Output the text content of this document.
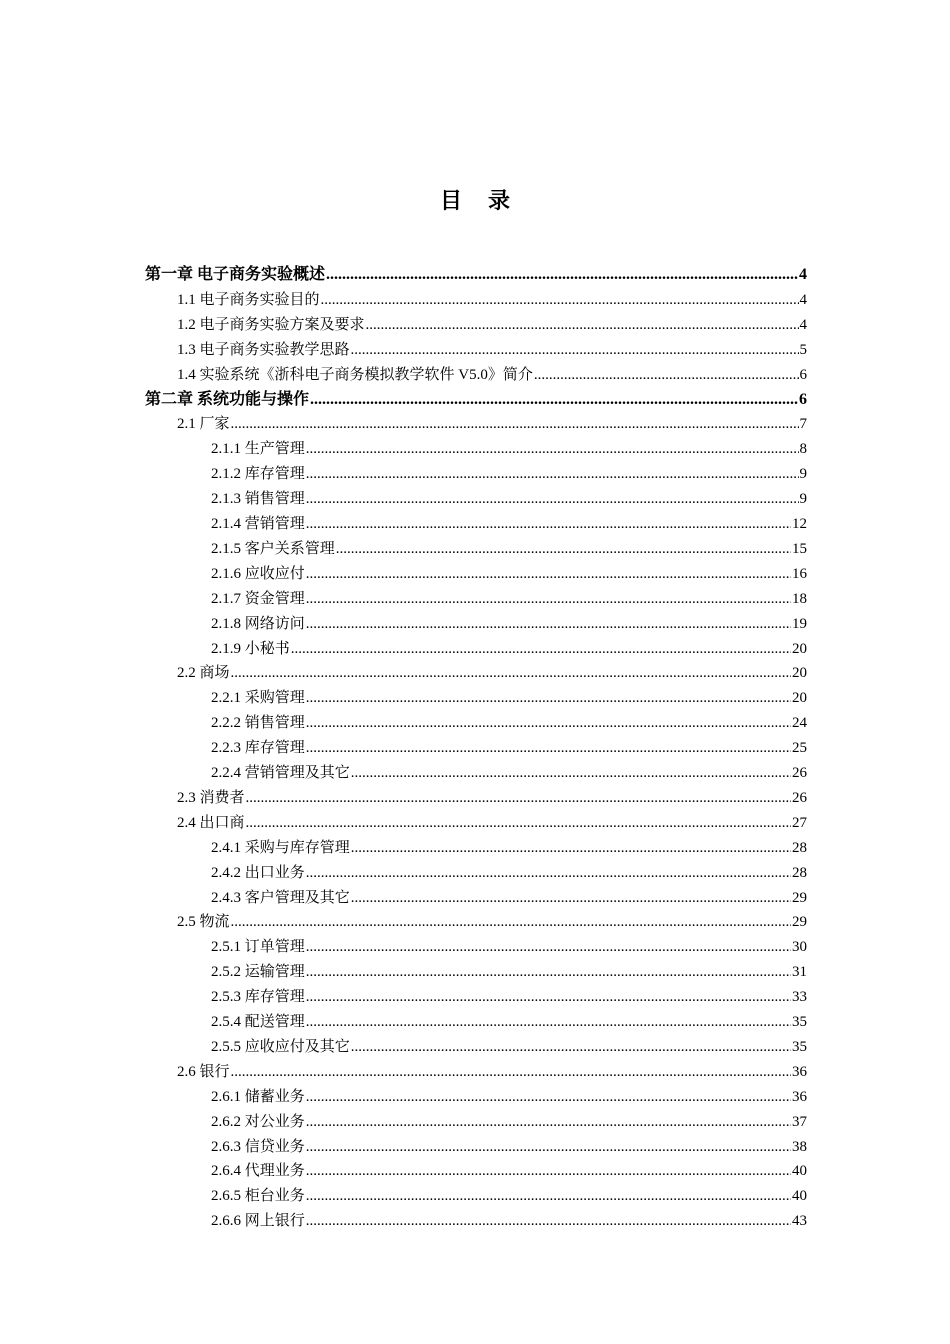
目 录
第一章 电子商务实验概述 .....	4
1.1 电子商务实验目的 .....	4
1.2 电子商务实验方案及要求 .....	4
1.3 电子商务实验教学思路 .....	5
1.4 实验系统《浙科电子商务模拟教学软件 V5.0》简介 .....	6
第二章 系统功能与操作 .....	6
2.1 厂家 .....	7
2.1.1 生产管理 .....	8
2.1.2 库存管理 .....	9
2.1.3 销售管理 .....	9
2.1.4 营销管理 .....	12
2.1.5 客户关系管理 .....	15
2.1.6 应收应付 .....	16
2.1.7 资金管理 .....	18
2.1.8 网络访问 .....	19
2.1.9 小秘书 .....	20
2.2 商场 .....	20
2.2.1 采购管理 .....	20
2.2.2 销售管理 .....	24
2.2.3 库存管理 .....	25
2.2.4 营销管理及其它 .....	26
2.3 消费者 .....	26
2.4 出口商 .....	27
2.4.1 采购与库存管理 .....	28
2.4.2 出口业务 .....	28
2.4.3 客户管理及其它 .....	29
2.5 物流 .....	29
2.5.1 订单管理 .....	30
2.5.2 运输管理 .....	31
2.5.3 库存管理 .....	33
2.5.4 配送管理 .....	35
2.5.5 应收应付及其它 .....	35
2.6 银行 .....	36
2.6.1 储蓄业务 .....	36
2.6.2 对公业务 .....	37
2.6.3 信贷业务 .....	38
2.6.4 代理业务 .....	40
2.6.5 柜台业务 .....	40
2.6.6 网上银行 .....	43
